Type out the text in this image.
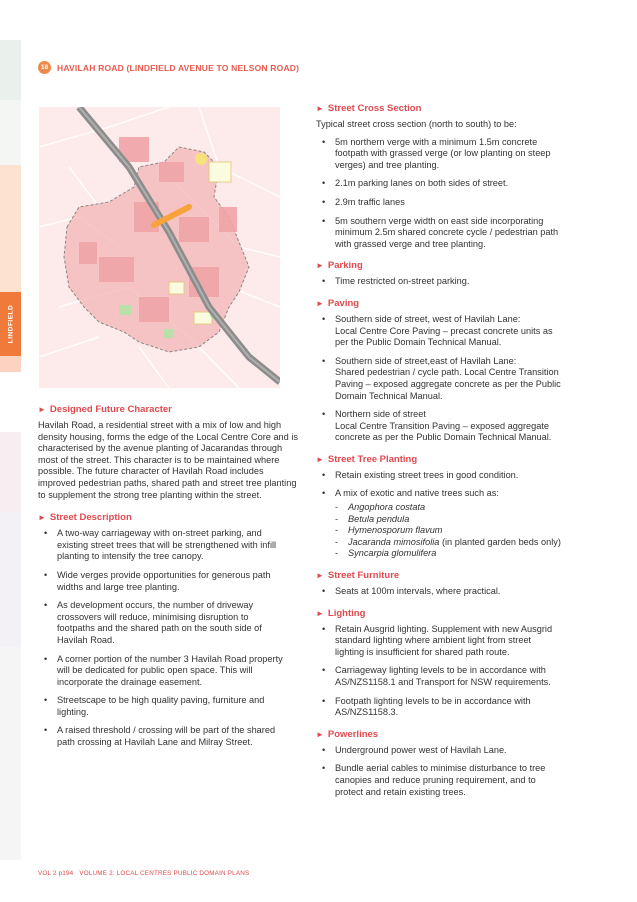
LINDFIELD
18	HAVILAH ROAD (LINDFIELD AVENUE TO NELSON ROAD)
► Designed Future Character

Havilah Road, a residential street with a mix of low and high density housing, forms the edge of the Local Centre Core and is characterised by the avenue planting of Jacarandas through most of the street. This character is to be maintained where possible. The future character of Havilah Road includes improved pedestrian paths, shared path and street tree planting to supplement the strong tree planting within the street.

► Street Description
• A two-way carriageway with on-street parking, and
existing street trees that will be strengthened with infill
planting to intensify the tree canopy.
• Wide verges provide opportunities for generous path
widths and large tree planting.
• As development occurs, the number of driveway
crossovers will reduce, minimising disruption to
footpaths and the shared path on the south side of
Havilah Road.
• A corner portion of the number 3 Havilah Road property
will be dedicated for public open space. This will
incorporate the drainage easement.
• Streetscape to be high quality paving, furniture and
lighting.
• A raised threshold / crossing will be part of the shared
path crossing at Havilah Lane and Milray Street.
► Street Cross Section

Typical street cross section (north to south) to be:

• 5m northern verge with a minimum 1.5m concrete
footpath with grassed verge (or low planting on steep
verges) and tree planting.
• 2.1m parking lanes on both sides of street.
• 2.9m traffic lanes
• 5m southern verge width on east side incorporating
minimum 2.5m shared concrete cycle / pedestrian path
with grassed verge and tree planting.
► Parking
• Time restricted on-street parking.
► Paving
• Southern side of street, west of Havilah Lane:
Local Centre Core Paving – precast concrete units as
per the Public Domain Technical Manual.
• Southern side of street,east of Havilah Lane:
Shared pedestrian / cycle path. Local Centre Transition
Paving – exposed aggregate concrete as per the Public
Domain Technical Manual.
• Northern side of street
Local Centre Transition Paving – exposed aggregate
concrete as per the Public Domain Technical Manual.
► Street Tree Planting
• Retain existing street trees in good condition.
• A mix of exotic and native trees such as:
- Angophora costata
- Betula pendula
- Hymenosporum flavum
- Jacaranda mimosifolia (in planted garden beds only)
- Syncarpia glomulifera
► Street Furniture
• Seats at 100m intervals, where practical.
► Lighting
• Retain Ausgrid lighting. Supplement with new Ausgrid
standard lighting where ambient light from street
lighting is insufficient for shared path route.
• Carriageway lighting levels to be in accordance with
AS/NZS1158.1 and Transport for NSW requirements.
• Footpath lighting levels to be in accordance with
AS/NZS1158.3.
► Powerlines
• Underground power west of Havilah Lane.
• Bundle aerial cables to minimise disturbance to tree
canopies and reduce pruning requirement, and to
protect and retain existing trees.
VOL 2 p194 VOLUME 2: LOCAL CENTRES PUBLIC DOMAIN PLANS
